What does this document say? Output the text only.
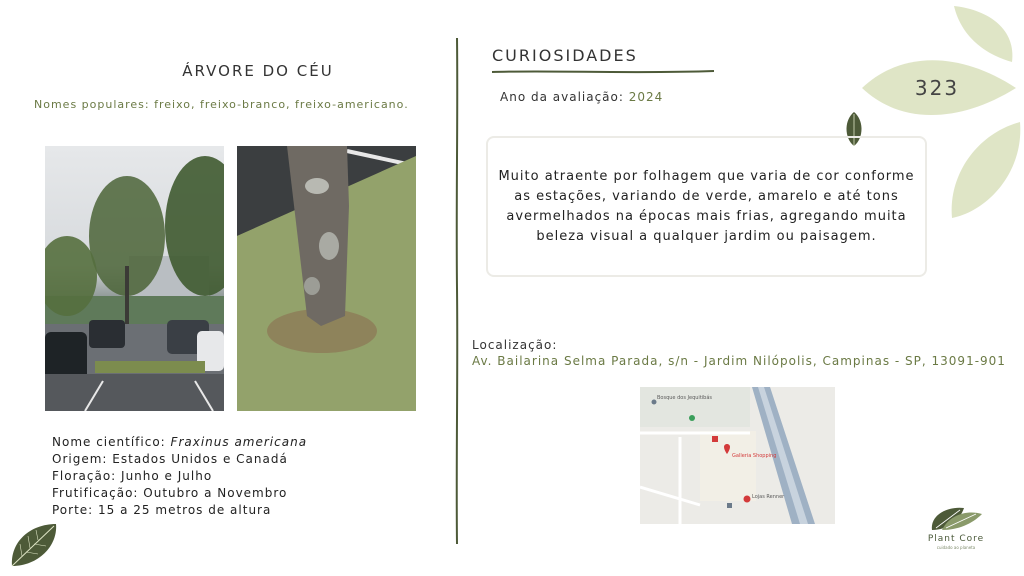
ÁRVORE DO CÉU
Nomes populares: freixo, freixo-branco, freixo-americano.
Nome científico: Fraxinus americana
Origem: Estados Unidos e Canadá
Floração: Junho e Julho
Frutificação: Outubro a Novembro
Porte: 15 a 25 metros de altura
CURIOSIDADES
Ano da avaliação: 2024	323
Muito atraente por folhagem que varia de cor conforme as estações, variando de verde, amarelo e até tons avermelhados na épocas mais frias, agregando muita beleza visual a qualquer jardim ou paisagem.
Localização:
Av. Bailarina Selma Parada, s/n - Jardim Nilópolis, Campinas - SP, 13091-901
Bosque dos Jequitibás
Galleria Shopping
Lojas Renner
Plant Core
cuidado ao planeta
